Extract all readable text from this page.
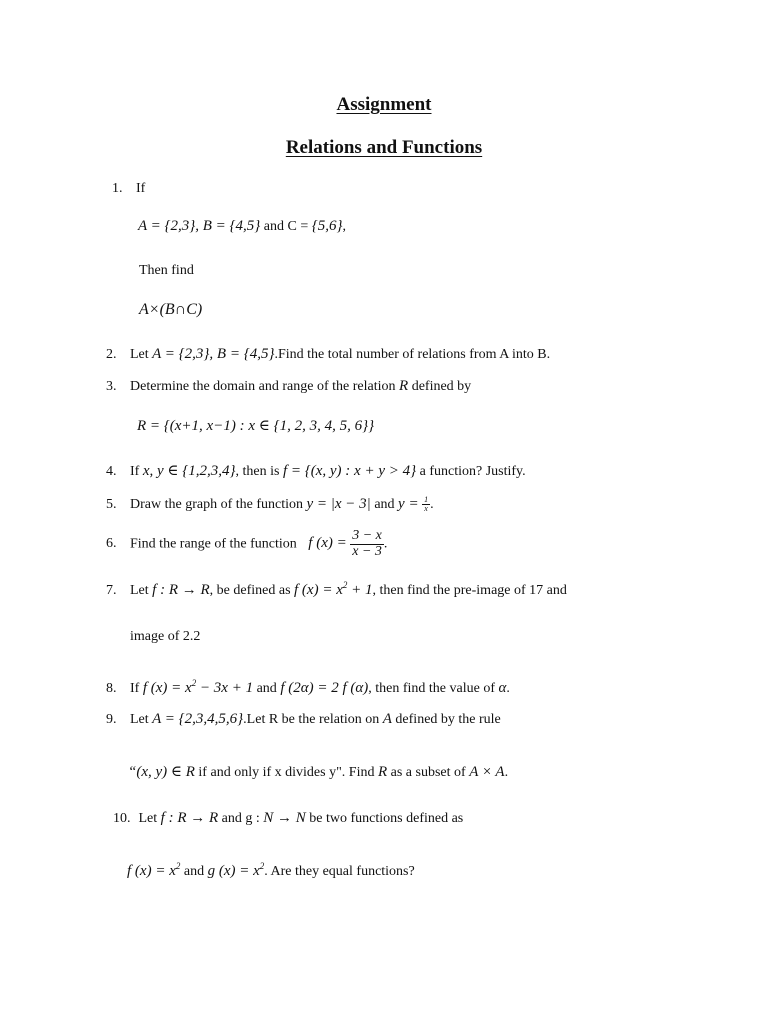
Assignment
Relations and Functions
1. If
A = {2,3}, B = {4,5} and C = {5,6},
Then find
A×(B∩C)
2. Let A = {2,3}, B = {4,5}.Find the total number of relations from A into B.
3. Determine the domain and range of the relation R defined by
R = {(x+1, x−1) : x ∈ {1, 2, 3, 4, 5, 6}}
4. If x, y ∈ {1,2,3,4}, then is f = {(x, y) : x + y > 4} a function? Justify.
5. Draw the graph of the function y = |x − 3| and $y = \frac{1}{x}$ .
6. Find the range of the function f $(x) = \frac{3 - x}{x - 3}$ .
7. Let f : R → R, be defined as f $(x) = x^2 + 1$, then find the pre-image of 17 and
image of 2.2
8. If f $(x) = x^2 - 3x + 1$ and f (2α) = 2 f (α), then find the value of α.
9. Let A = {2,3,4,5,6}.Let R be the relation on A defined by the rule
“(x, y) ∈ R if and only if x divides y". Find R as a subset of A × A.
10. Let f : R → R and g : N → N be two functions defined as
f $(x) = x^2$ and g $(x) = x^2$. Are they equal functions?
